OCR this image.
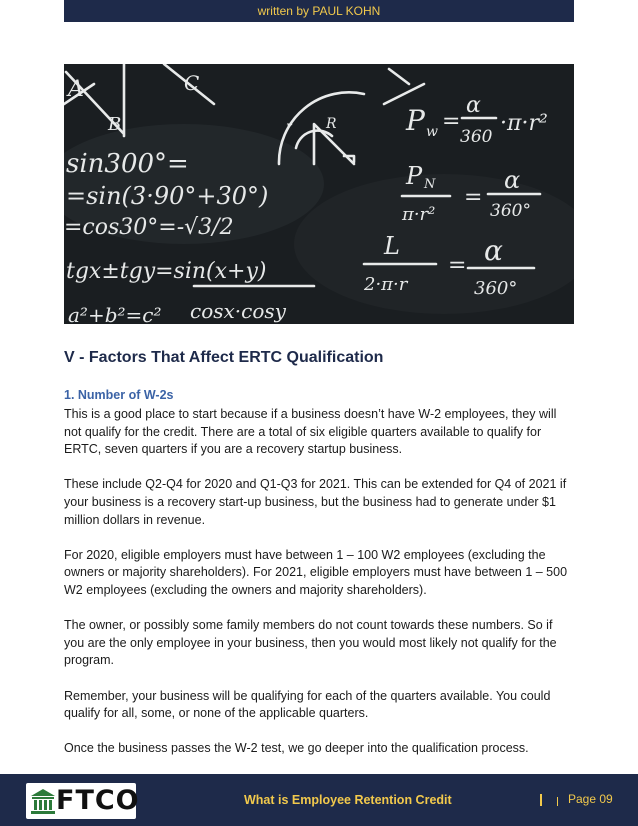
written by PAUL KOHN
A
B
C
R
r	P w =
α
360
·π·r²
P N
π·r²
=
α
360°
L
2·π·r
= α
360°
sin300°=
=sin(3·90°+30°)
=cos30°=-√3/2
tgx±tgy=sin(x+y)
cosx·cosy
a²+b²=c²
V - Factors That Affect ERTC Qualification
1. Number of W-2s

This is a good place to start because if a business doesn’t have W-2 employees, they will not qualify for the credit. There are a total of six eligible quarters available to qualify for ERTC, seven quarters if you are a recovery startup business.

These include Q2-Q4 for 2020 and Q1-Q3 for 2021. This can be extended for Q4 of 2021 if your business is a recovery start-up business, but the business had to generate under $1 million dollars in revenue.

For 2020, eligible employers must have between 1 – 100 W2 employees (excluding the owners or majority shareholders). For 2021, eligible employers must have between 1 – 500 W2 employees (excluding the owners and majority shareholders).

The owner, or possibly some family members do not count towards these numbers. So if you are the only employee in your business, then you would most likely not qualify for the program.

Remember, your business will be qualifying for each of the quarters available. You could qualify for all, some, or none of the applicable quarters.

Once the business passes the W-2 test, we go deeper into the qualification process.

FTCO	What is Employee Retention Credit	Page 09
